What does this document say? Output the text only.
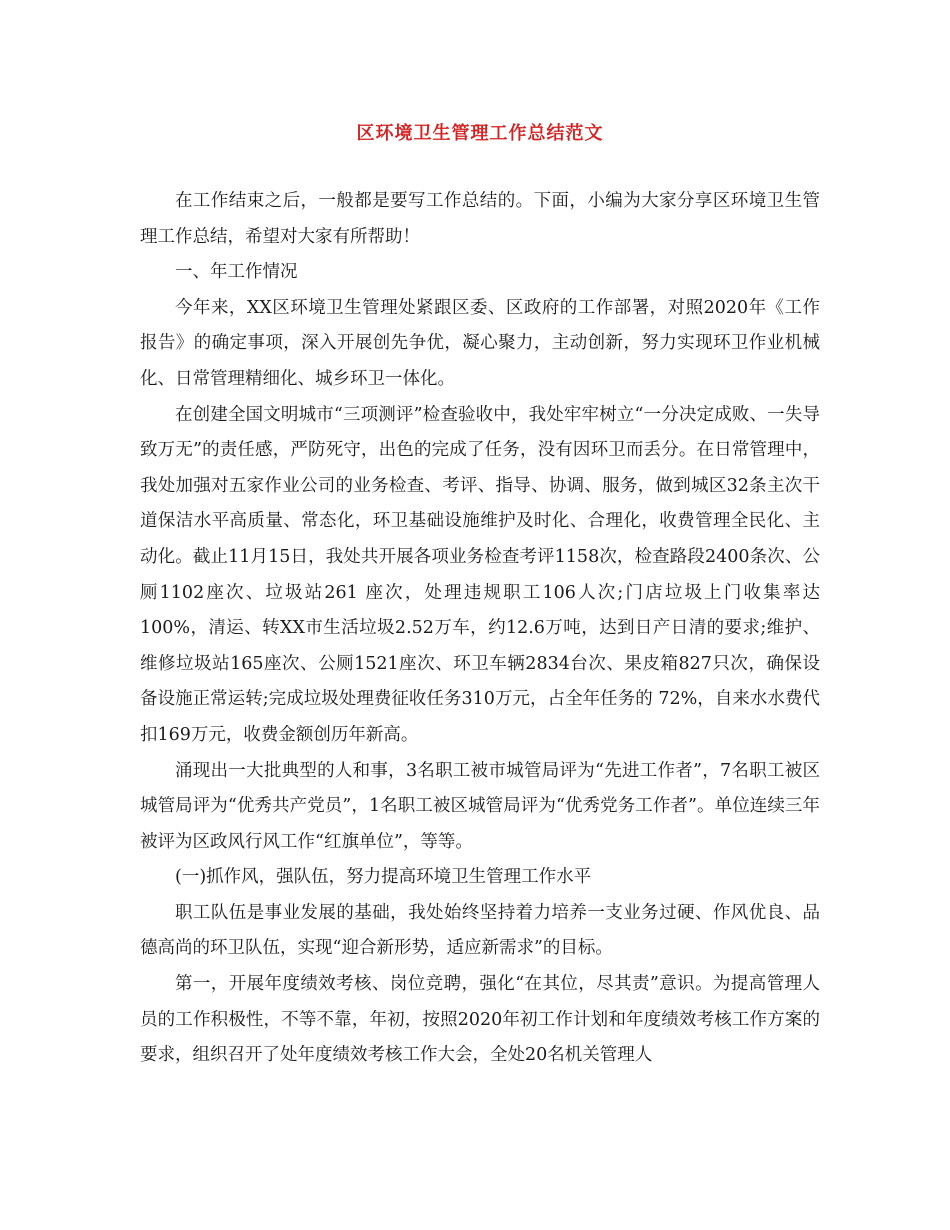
区环境卫生管理工作总结范文

在工作结束之后，一般都是要写工作总结的。下面，小编为大家分享区环境卫生管理工作总结，希望对大家有所帮助！

一、年工作情况

今年来，XX区环境卫生管理处紧跟区委、区政府的工作部署，对照2020年《工作报告》的确定事项，深入开展创先争优，凝心聚力，主动创新，努力实现环卫作业机械化、日常管理精细化、城乡环卫一体化。

在创建全国文明城市“三项测评”检查验收中，我处牢牢树立“一分决定成败、一失导致万无”的责任感，严防死守，出色的完成了任务，没有因环卫而丢分。在日常管理中，我处加强对五家作业公司的业务检查、考评、指导、协调、服务，做到城区32条主次干道保洁水平高质量、常态化，环卫基础设施维护及时化、合理化，收费管理全民化、主动化。截止11月15日，我处共开展各项业务检查考评1158次，检查路段2400条次、公厕1102座次、垃圾站261 座次，处理违规职工106人次;门店垃圾上门收集率达100%，清运、转XX市生活垃圾2.52万车，约12.6万吨，达到日产日清的要求;维护、维修垃圾站165座次、公厕1521座次、环卫车辆2834台次、果皮箱827只次，确保设备设施正常运转;完成垃圾处理费征收任务310万元，占全年任务的 72%，自来水水费代扣169万元，收费金额创历年新高。

涌现出一大批典型的人和事，3名职工被市城管局评为“先进工作者”，7名职工被区城管局评为“优秀共产党员”，1名职工被区城管局评为“优秀党务工作者”。单位连续三年被评为区政风行风工作“红旗单位”，等等。

(一)抓作风，强队伍，努力提高环境卫生管理工作水平

职工队伍是事业发展的基础，我处始终坚持着力培养一支业务过硬、作风优良、品德高尚的环卫队伍，实现“迎合新形势，适应新需求”的目标。

第一，开展年度绩效考核、岗位竞聘，强化“在其位，尽其责”意识。为提高管理人员的工作积极性，不等不靠，年初，按照2020年初工作计划和年度绩效考核工作方案的要求，组织召开了处年度绩效考核工作大会，全处20名机关管理人
